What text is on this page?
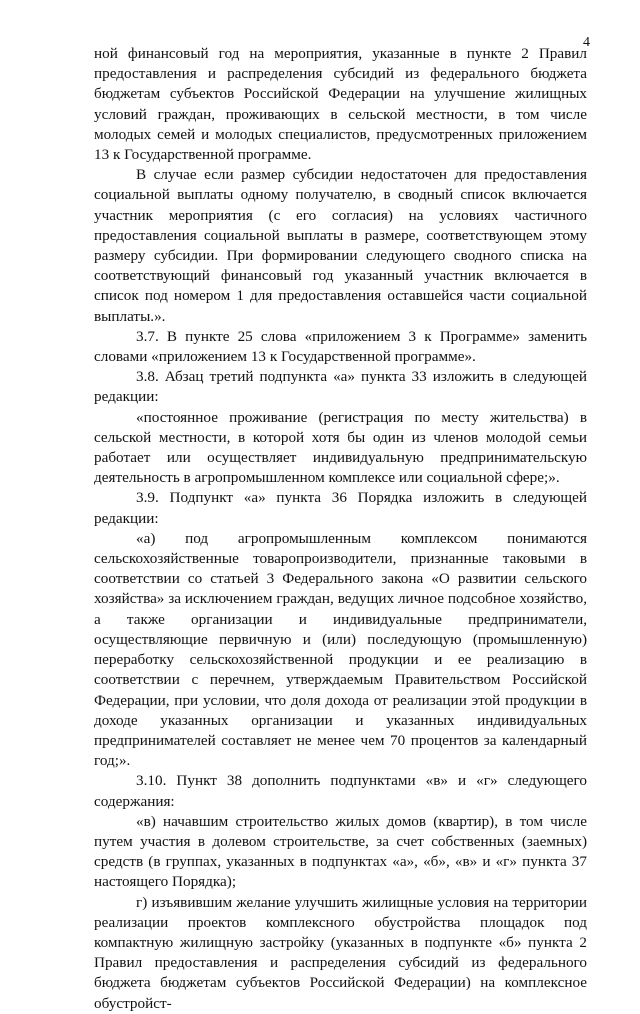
4

ной финансовый год на мероприятия, указанные в пункте 2 Правил предоставления и распределения субсидий из федерального бюджета бюджетам субъектов Российской Федерации на улучшение жилищных условий граждан, проживающих в сельской местности, в том числе молодых семей и молодых специалистов, предусмотренных приложением 13 к Государственной программе.

В случае если размер субсидии недостаточен для предоставления социальной выплаты одному получателю, в сводный список включается участник мероприятия (с его согласия) на условиях частичного предоставления социальной выплаты в размере, соответствующем этому размеру субсидии. При формировании следующего сводного списка на соответствующий финансовый год указанный участник включается в список под номером 1 для предоставления оставшейся части социальной выплаты.».

3.7. В пункте 25 слова «приложением 3 к Программе» заменить словами «приложением 13 к Государственной программе».

3.8. Абзац третий подпункта «а» пункта 33 изложить в следующей редакции:

«постоянное проживание (регистрация по месту жительства) в сельской местности, в которой хотя бы один из членов молодой семьи работает или осуществляет индивидуальную предпринимательскую деятельность в агропромышленном комплексе или социальной сфере;».

3.9. Подпункт «а» пункта 36 Порядка изложить в следующей редакции:

«а) под агропромышленным комплексом понимаются сельскохозяйственные товаропроизводители, признанные таковыми в соответствии со статьей 3 Федерального закона «О развитии сельского хозяйства» за исключением граждан, ведущих личное подсобное хозяйство, а также организации и индивидуальные предприниматели, осуществляющие первичную и (или) последующую (промышленную) переработку сельскохозяйственной продукции и ее реализацию в соответствии с перечнем, утверждаемым Правительством Российской Федерации, при условии, что доля дохода от реализации этой продукции в доходе указанных организации и указанных индивидуальных предпринимателей составляет не менее чем 70 процентов за календарный год;».

3.10. Пункт 38 дополнить подпунктами «в» и «г» следующего содержания:

«в) начавшим строительство жилых домов (квартир), в том числе путем участия в долевом строительстве, за счет собственных (заемных) средств (в группах, указанных в подпунктах «а», «б», «в» и «г» пункта 37 настоящего Порядка);

г) изъявившим желание улучшить жилищные условия на территории реализации проектов комплексного обустройства площадок под компактную жилищную застройку (указанных в подпункте «б» пункта 2 Правил предоставления и распределения субсидий из федерального бюджета бюджетам субъектов Российской Федерации) на комплексное обустройст-
